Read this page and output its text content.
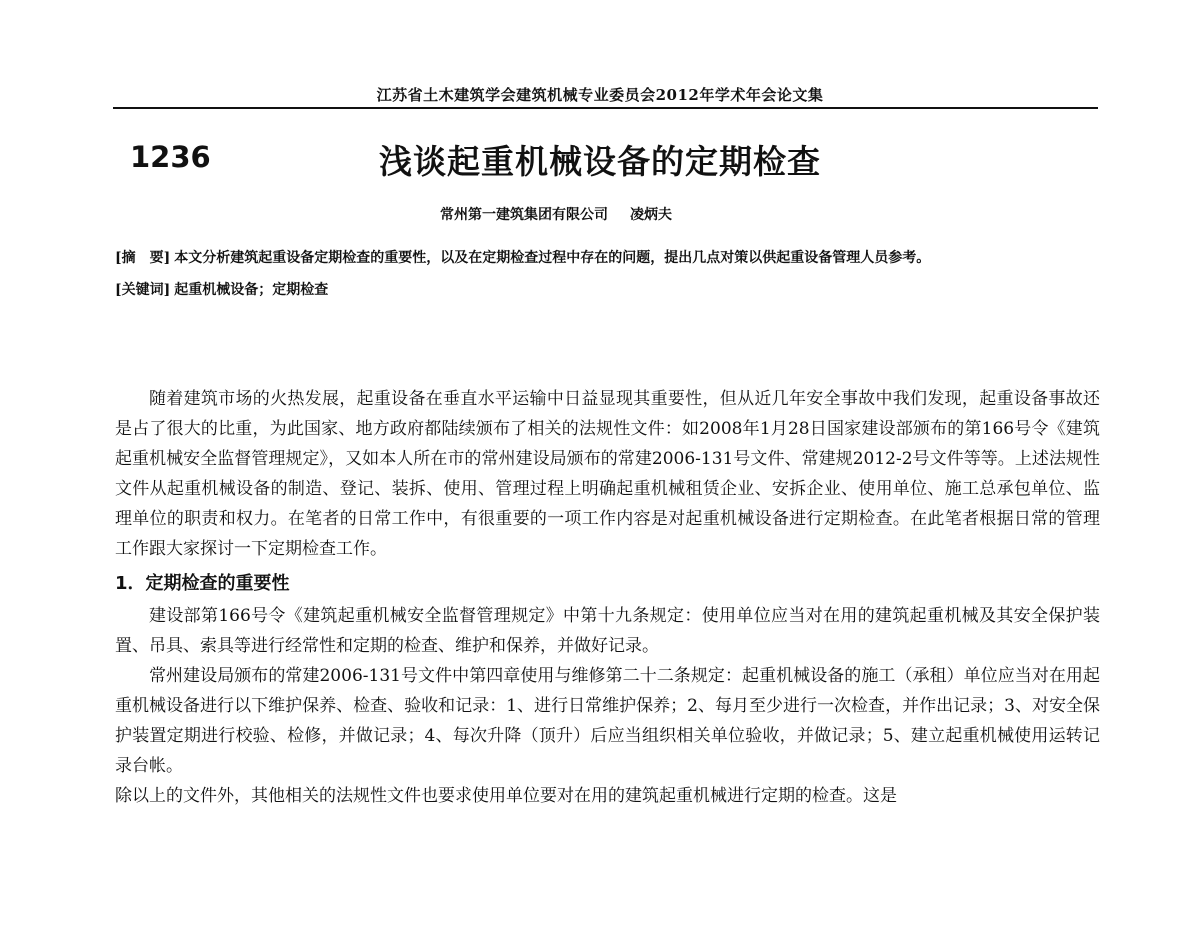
江苏省土木建筑学会建筑机械专业委员会2012年学术年会论文集
1236	浅谈起重机械设备的定期检查
常州第一建筑集团有限公司 凌炳夫
[摘　要] 本文分析建筑起重设备定期检查的重要性，以及在定期检查过程中存在的问题，提出几点对策以供起重设备管理人员参考。
[关键词] 起重机械设备；定期检查

随着建筑市场的火热发展，起重设备在垂直水平运输中日益显现其重要性，但从近几年安全事故中我们发现，起重设备事故还是占了很大的比重，为此国家、地方政府都陆续颁布了相关的法规性文件：如2008年1月28日国家建设部颁布的第166号令《建筑起重机械安全监督管理规定》，又如本人所在市的常州建设局颁布的常建2006-131号文件、常建规2012-2号文件等等。上述法规性文件从起重机械设备的制造、登记、装拆、使用、管理过程上明确起重机械租赁企业、安拆企业、使用单位、施工总承包单位、监理单位的职责和权力。在笔者的日常工作中，有很重要的一项工作内容是对起重机械设备进行定期检查。在此笔者根据日常的管理工作跟大家探讨一下定期检查工作。

1．定期检查的重要性

建设部第166号令《建筑起重机械安全监督管理规定》中第十九条规定：使用单位应当对在用的建筑起重机械及其安全保护装置、吊具、索具等进行经常性和定期的检查、维护和保养，并做好记录。

常州建设局颁布的常建2006-131号文件中第四章使用与维修第二十二条规定：起重机械设备的施工（承租）单位应当对在用起重机械设备进行以下维护保养、检查、验收和记录：1、进行日常维护保养；2、每月至少进行一次检查，并作出记录；3、对安全保护装置定期进行校验、检修，并做记录；4、每次升降（顶升）后应当组织相关单位验收，并做记录；5、建立起重机械使用运转记录台帐。

除以上的文件外，其他相关的法规性文件也要求使用单位要对在用的建筑起重机械进行定期的检查。这是
